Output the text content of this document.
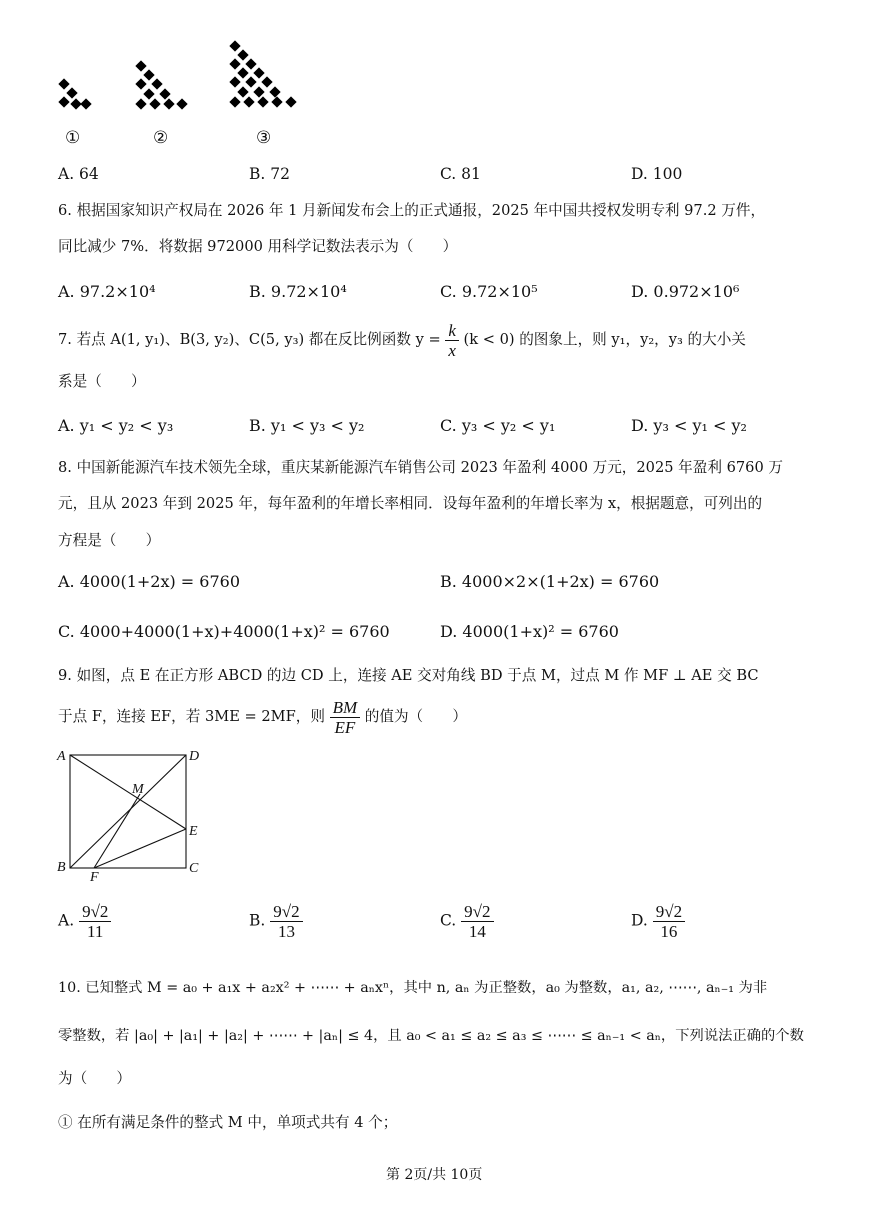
①	②	③
A. 64	B. 72	C. 81	D. 100
6. 根据国家知识产权局在 2026 年 1 月新闻发布会上的正式通报，2025 年中国共授权发明专利 97.2 万件，
同比减少 7%．将数据 972000 用科学记数法表示为（　　）
A. 97.2×10⁴	B. 9.72×10⁴	C. 9.72×10⁵	D. 0.972×10⁶
7. 若点 A(1, y₁)、B(3, y₂)、C(5, y₃) 都在反比例函数 $y = \frac{k}{x} (k < 0)$ 的图象上，则 y₁，y₂，y₃ 的大小关
系是（　　）
A. y₁ < y₂ < y₃	B. y₁ < y₃ < y₂	C. y₃ < y₂ < y₁	D. y₃ < y₁ < y₂
8. 中国新能源汽车技术领先全球，重庆某新能源汽车销售公司 2023 年盈利 4000 万元，2025 年盈利 6760 万
元，且从 2023 年到 2025 年，每年盈利的年增长率相同．设每年盈利的年增长率为 x，根据题意，可列出的
方程是（　　）
A. 4000(1+2x) = 6760	B. 4000×2×(1+2x) = 6760
C. 4000+4000(1+x)+4000(1+x)² = 6760	D. 4000(1+x)² = 6760
9. 如图，点 E 在正方形 ABCD 的边 CD 上，连接 AE 交对角线 BD 于点 M，过点 M 作 MF ⊥ AE 交 BC
于点 F，连接 EF，若 3ME = 2MF，则 $\frac{BM}{EF}$ 的值为（　　）
A	D
M
E
B
F
C
A. $\frac{9√2}{11}$	B. $\frac{9√2}{13}$	C. $\frac{9√2}{14}$	D. $\frac{9√2}{16}$
10. 已知整式 M = a₀ + a₁x + a₂x² + ⋯⋯ + aₙxⁿ，其中 n, aₙ 为正整数，a₀ 为整数，a₁, a₂, ⋯⋯, aₙ₋₁ 为非
零整数，若 |a₀| + |a₁| + |a₂| + ⋯⋯ + |aₙ| ≤ 4，且 a₀ < a₁ ≤ a₂ ≤ a₃ ≤ ⋯⋯ ≤ aₙ₋₁ < aₙ，下列说法正确的个数
为（　　）
① 在所有满足条件的整式 M 中，单项式共有 4 个；
第 2页/共 10页
